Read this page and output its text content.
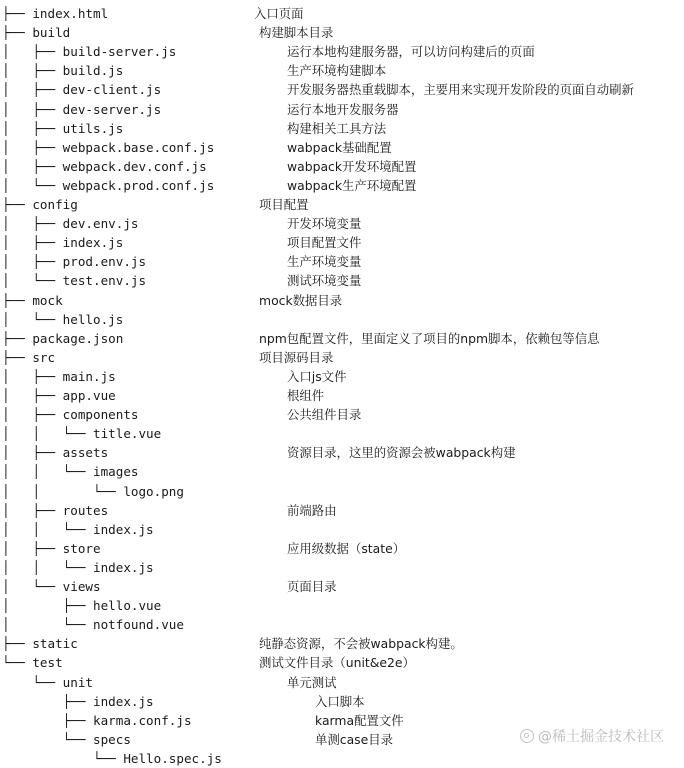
├── index.html	入口页面
├── build	构建脚本目录
│   ├── build-server.js	运行本地构建服务器，可以访问构建后的页面
│   ├── build.js	生产环境构建脚本
│   ├── dev-client.js	开发服务器热重载脚本，主要用来实现开发阶段的页面自动刷新
│   ├── dev-server.js	运行本地开发服务器
│   ├── utils.js	构建相关工具方法
│   ├── webpack.base.conf.js	wabpack基础配置
│   ├── webpack.dev.conf.js	wabpack开发环境配置
│   └── webpack.prod.conf.js	wabpack生产环境配置
├── config	项目配置
│   ├── dev.env.js	开发环境变量
│   ├── index.js	项目配置文件
│   ├── prod.env.js	生产环境变量
│   └── test.env.js	测试环境变量
├── mock	mock数据目录
│   └── hello.js
├── package.json	npm包配置文件，里面定义了项目的npm脚本，依赖包等信息
├── src	项目源码目录
│   ├── main.js	入口js文件
│   ├── app.vue	根组件
│   ├── components	公共组件目录
│   │   └── title.vue
│   ├── assets	资源目录，这里的资源会被wabpack构建
│   │   └── images
│   │       └── logo.png
│   ├── routes	前端路由
│   │   └── index.js
│   ├── store	应用级数据（state）
│   │   └── index.js
│   └── views	页面目录
│       ├── hello.vue
│       └── notfound.vue
├── static	纯静态资源，不会被wabpack构建。
└── test	测试文件目录（unit&e2e）
└── unit	单元测试
├── index.js	入口脚本
├── karma.conf.js	karma配置文件
└── specs	单测case目录
└── Hello.spec.js
@稀土掘金技术社区
